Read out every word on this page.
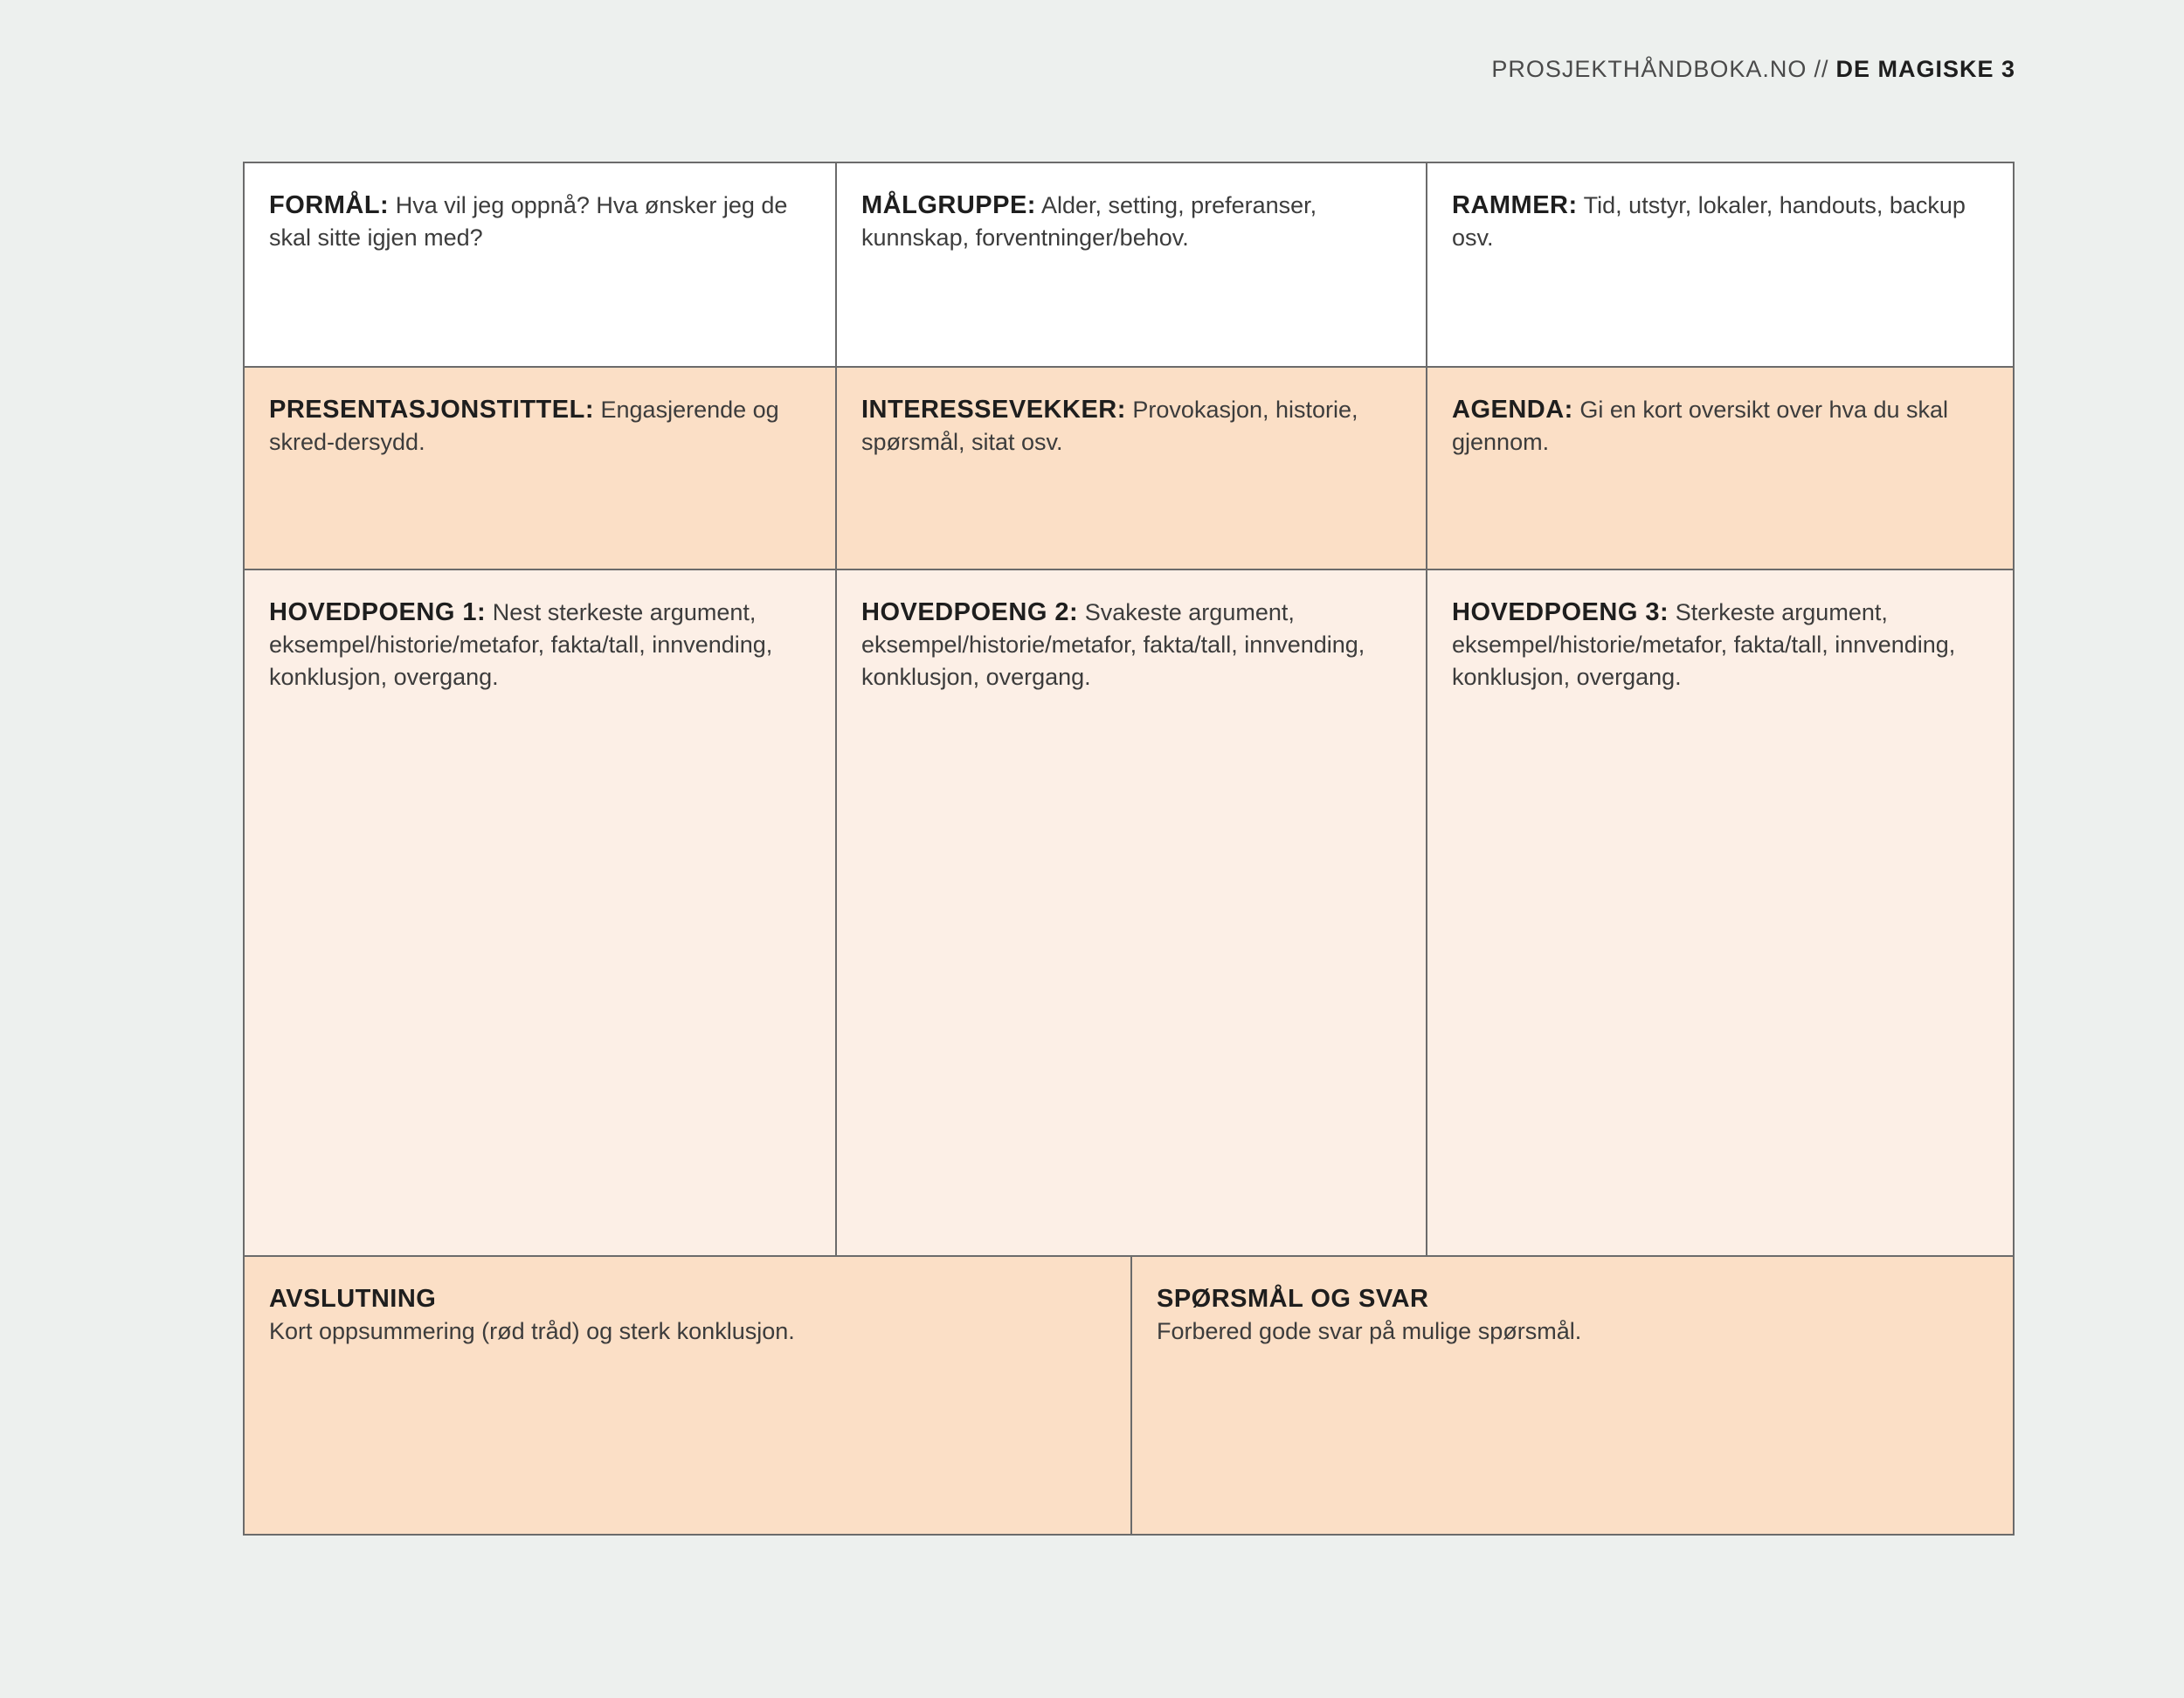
PROSJEKTHÅNDBOKA.NO // DE MAGISKE 3
FORMÅL: Hva vil jeg oppnå? Hva ønsker jeg de skal sitte igjen med?
MÅLGRUPPE: Alder, setting, preferanser, kunnskap, forventninger/behov.
RAMMER: Tid, utstyr, lokaler, handouts, backup osv.
PRESENTASJONSTITTEL: Engasjerende og skred-dersydd.
INTERESSEVEKKER: Provokasjon, historie, spørsmål, sitat osv.
AGENDA: Gi en kort oversikt over hva du skal gjennom.
HOVEDPOENG 1: Nest sterkeste argument, eksempel/historie/metafor, fakta/tall, innvending, konklusjon, overgang.
HOVEDPOENG 2: Svakeste argument, eksempel/historie/metafor, fakta/tall, innvending, konklusjon, overgang.
HOVEDPOENG 3: Sterkeste argument, eksempel/historie/metafor, fakta/tall, innvending, konklusjon, overgang.
AVSLUTNING
Kort oppsummering (rød tråd) og sterk konklusjon.
SPØRSMÅL OG SVAR
Forbered gode svar på mulige spørsmål.
